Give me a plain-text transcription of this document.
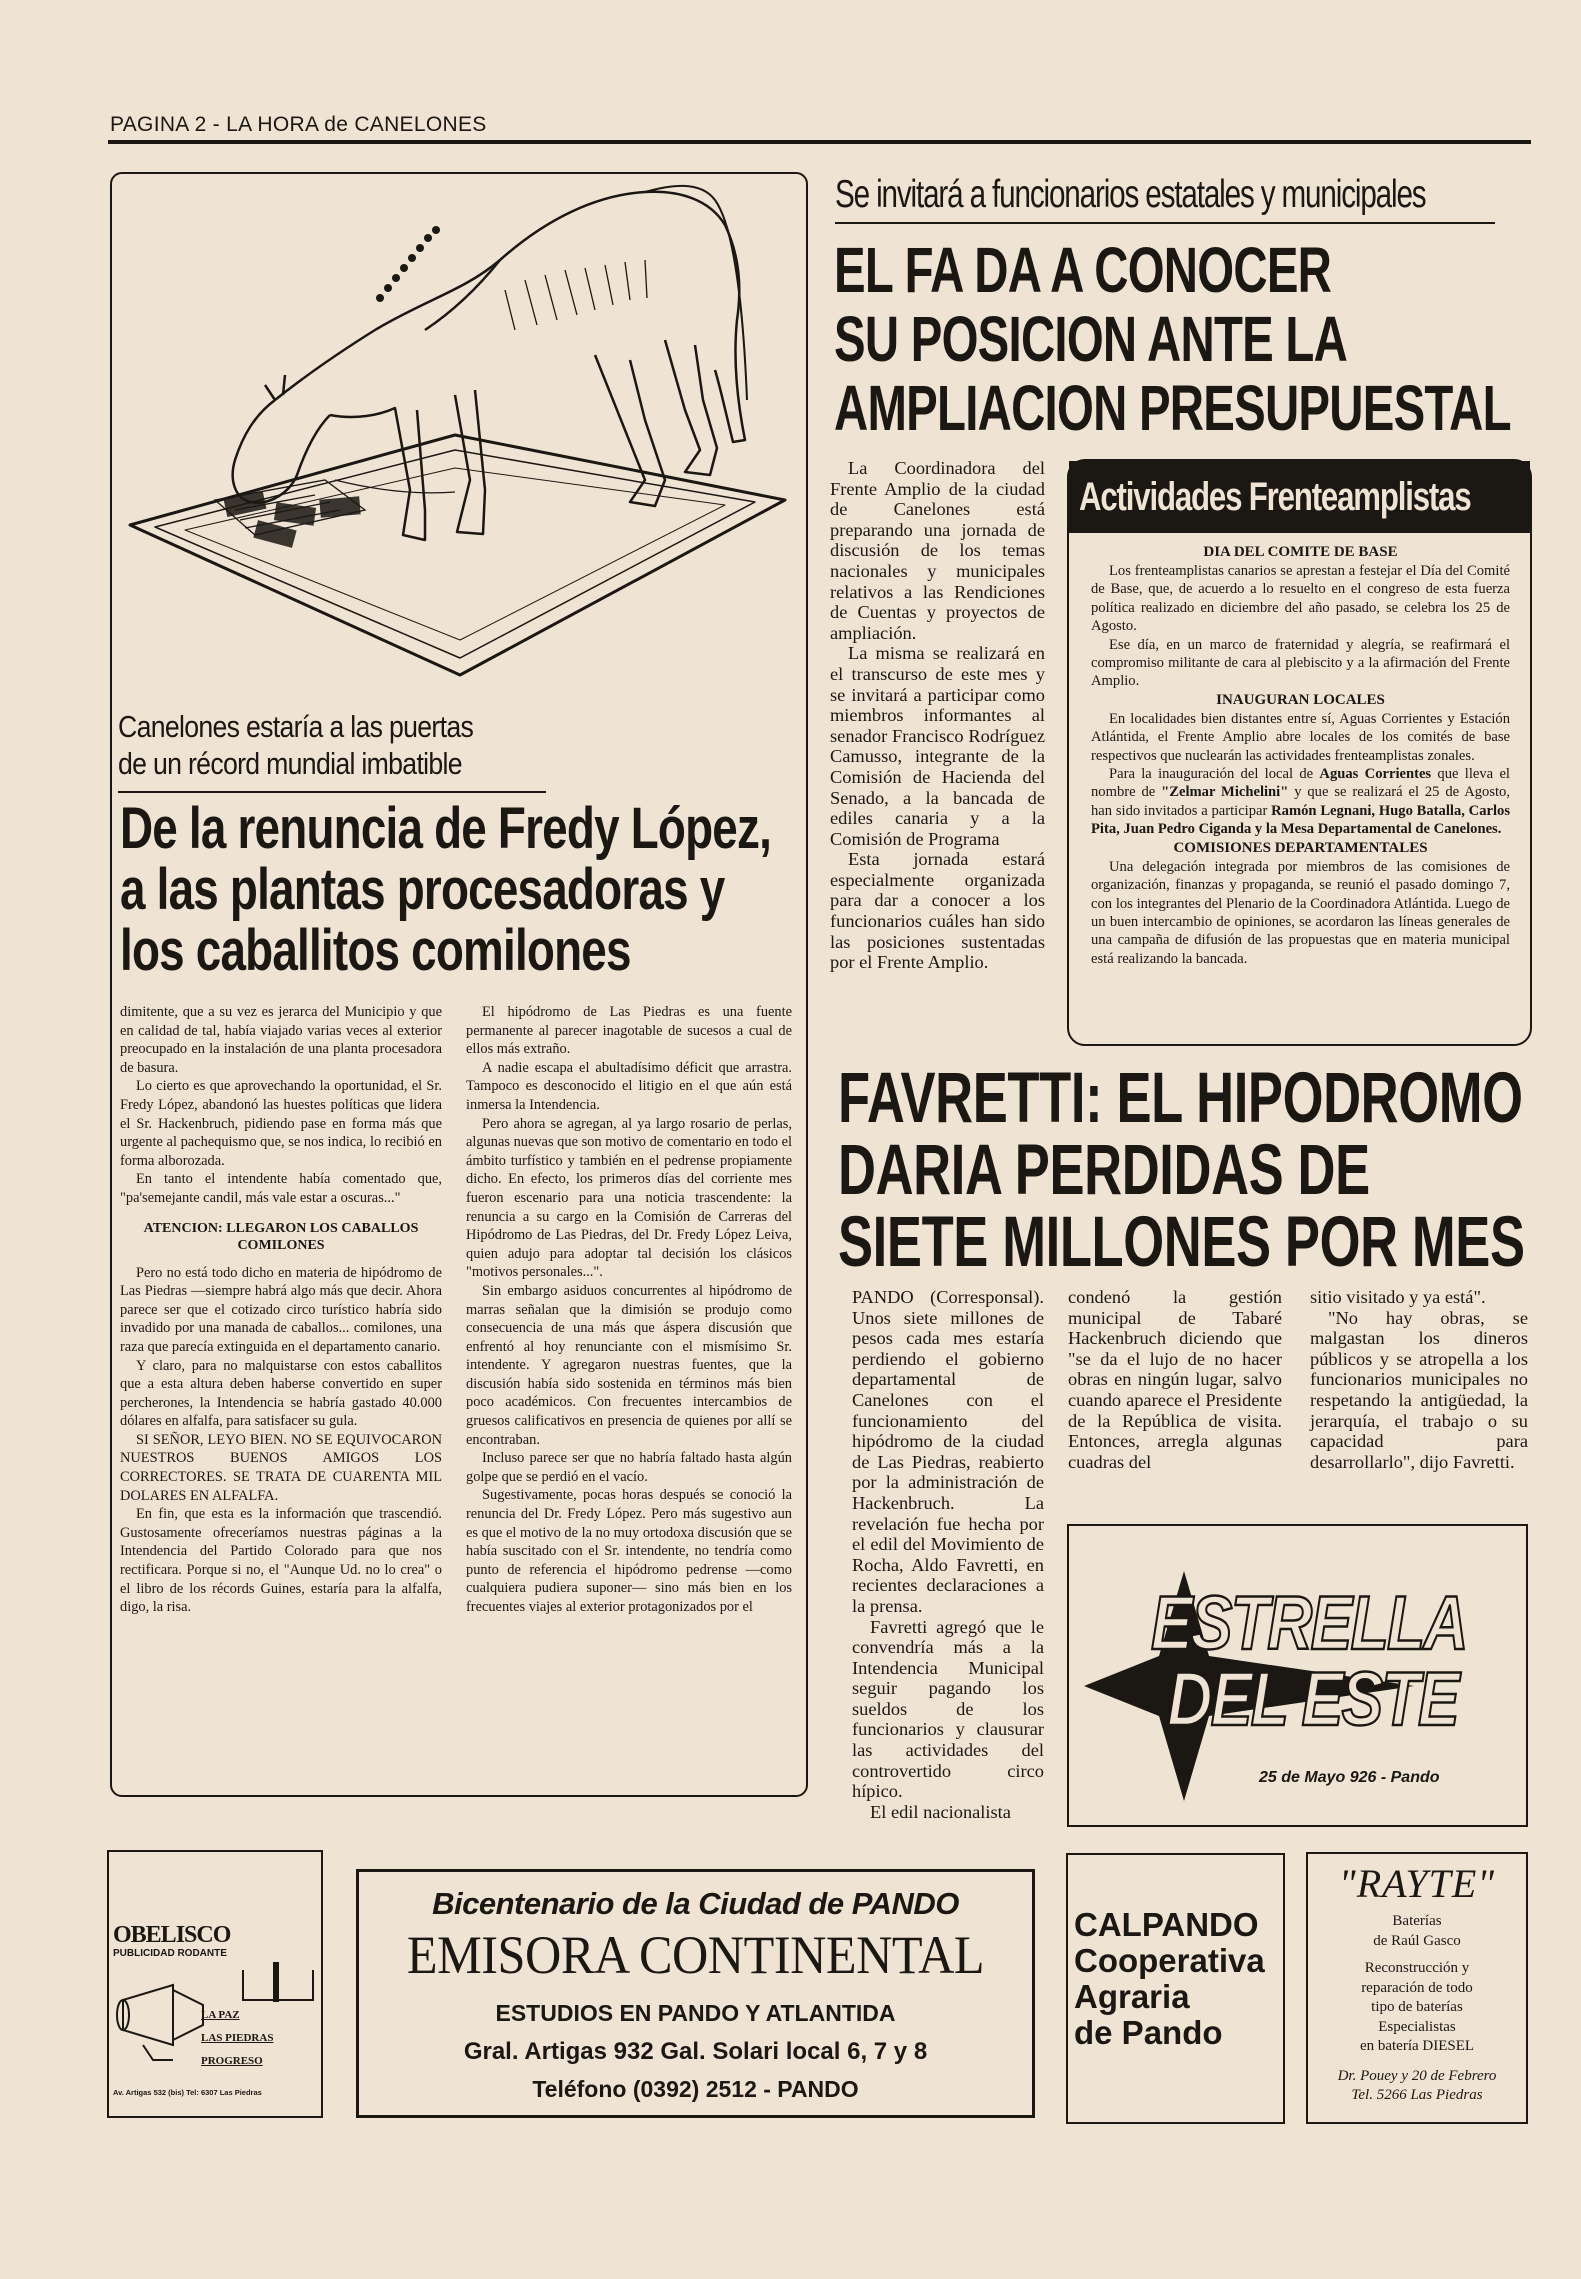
PAGINA 2 - LA HORA de CANELONES
Canelones estaría a las puertas
de un récord mundial imbatible
De la renuncia de Fredy López,
a las plantas procesadoras y
los caballitos comilones

dimitente, que a su vez es jerarca del Municipio y que en calidad de tal, había viajado varias veces al exterior preocupado en la instalación de una planta procesadora de basura.

Lo cierto es que aprovechando la oportunidad, el Sr. Fredy López, abandonó las huestes políticas que lidera el Sr. Hackenbruch, pidiendo pase en forma más que urgente al pachequismo que, se nos indica, lo recibió en forma alborozada.

En tanto el intendente había comentado que, "pa'semejante candil, más vale estar a oscuras..."

ATENCION: LLEGARON LOS CABALLOS COMILONES

Pero no está todo dicho en materia de hipódromo de Las Piedras —siempre habrá algo más que decir. Ahora parece ser que el cotizado circo turístico habría sido invadido por una manada de caballos... comilones, una raza que parecía extinguida en el departamento canario.

Y claro, para no malquistarse con estos caballitos que a esta altura deben haberse convertido en super percherones, la Intendencia se habría gastado 40.000 dólares en alfalfa, para satisfacer su gula.

SI SEÑOR, LEYO BIEN. NO SE EQUIVOCARON NUESTROS BUENOS AMIGOS LOS CORRECTORES. SE TRATA DE CUARENTA MIL DOLARES EN ALFALFA.

En fin, que esta es la información que trascendió. Gustosamente ofreceríamos nuestras páginas a la Intendencia del Partido Colorado para que nos rectificara. Porque si no, el "Aunque Ud. no lo crea" o el libro de los récords Guines, estaría para la alfalfa, digo, la risa.

El hipódromo de Las Piedras es una fuente permanente al parecer inagotable de sucesos a cual de ellos más extraño.

A nadie escapa el abultadísimo déficit que arrastra. Tampoco es desconocido el litigio en el que aún está inmersa la Intendencia.

Pero ahora se agregan, al ya largo rosario de perlas, algunas nuevas que son motivo de comentario en todo el ámbito turfístico y también en el pedrense propiamente dicho. En efecto, los primeros días del corriente mes fueron escenario para una noticia trascendente: la renuncia a su cargo en la Comisión de Carreras del Hipódromo de Las Piedras, del Dr. Fredy López Leiva, quien adujo para adoptar tal decisión los clásicos "motivos personales...".

Sin embargo asiduos concurrentes al hipódromo de marras señalan que la dimisión se produjo como consecuencia de una más que áspera discusión que enfrentó al hoy renunciante con el mismísimo Sr. intendente. Y agregaron nuestras fuentes, que la discusión había sido sostenida en términos más bien poco académicos. Con frecuentes intercambios de gruesos calificativos en presencia de quienes por allí se encontraban.

Incluso parece ser que no habría faltado hasta algún golpe que se perdió en el vacío.

Sugestivamente, pocas horas después se conoció la renuncia del Dr. Fredy López. Pero más sugestivo aun es que el motivo de la no muy ortodoxa discusión que se había suscitado con el Sr. intendente, no tendría como punto de referencia el hipódromo pedrense —como cualquiera pudiera suponer— sino más bien en los frecuentes viajes al exterior protagonizados por el

Se invitará a funcionarios estatales y municipales
EL FA DA A CONOCER
SU POSICION ANTE LA
AMPLIACION PRESUPUESTAL

La Coordinadora del Frente Amplio de la ciudad de Canelones está preparando una jornada de discusión de los temas nacionales y municipales relativos a las Rendiciones de Cuentas y proyectos de ampliación.

La misma se realizará en el transcurso de este mes y se invitará a participar como miembros informantes al senador Francisco Rodríguez Camusso, integrante de la Comisión de Hacienda del Senado, a la bancada de ediles canaria y a la Comisión de Programa

Esta jornada estará especialmente organizada para dar a conocer a los funcionarios cuáles han sido las posiciones sustentadas por el Frente Amplio.

Actividades Frenteamplistas
DIA DEL COMITE DE BASE

Los frenteamplistas canarios se aprestan a festejar el Día del Comité de Base, que, de acuerdo a lo resuelto en el congreso de esta fuerza política realizado en diciembre del año pasado, se celebra los 25 de Agosto.

Ese día, en un marco de fraternidad y alegría, se reafirmará el compromiso militante de cara al plebiscito y a la afirmación del Frente Amplio.

INAUGURAN LOCALES

En localidades bien distantes entre sí, Aguas Corrientes y Estación Atlántida, el Frente Amplio abre locales de los comités de base respectivos que nuclearán las actividades frenteamplistas zonales.

Para la inauguración del local de Aguas Corrientes que lleva el nombre de "Zelmar Michelini" y que se realizará el 25 de Agosto, han sido invitados a participar Ramón Legnani, Hugo Batalla, Carlos Pita, Juan Pedro Ciganda y la Mesa Departamental de Canelones.

COMISIONES DEPARTAMENTALES

Una delegación integrada por miembros de las comisiones de organización, finanzas y propaganda, se reunió el pasado domingo 7, con los integrantes del Plenario de la Coordinadora Atlántida. Luego de un buen intercambio de opiniones, se acordaron las líneas generales de una campaña de difusión de las propuestas que en materia municipal está realizando la bancada.

FAVRETTI: EL HIPODROMO
DARIA PERDIDAS DE
SIETE MILLONES POR MES

PANDO (Corresponsal). Unos siete millones de pesos cada mes estaría perdiendo el gobierno departamental de Canelones con el funcionamiento del hipódromo de la ciudad de Las Piedras, reabierto por la administración de Hackenbruch. La revelación fue hecha por el edil del Movimiento de Rocha, Aldo Favretti, en recientes declaraciones a la prensa.

Favretti agregó que le convendría más a la Intendencia Municipal seguir pagando los sueldos de los funcionarios y clausurar las actividades del controvertido circo hípico.

El edil nacionalista

condenó la gestión municipal de Tabaré Hackenbruch diciendo que "se da el lujo de no hacer obras en ningún lugar, salvo cuando aparece el Presidente de la República de visita. Entonces, arregla algunas cuadras del

sitio visitado y ya está".

"No hay obras, se malgastan los dineros públicos y se atropella a los funcionarios municipales no respetando la antigüedad, la jerarquía, el trabajo o su capacidad para desarrollarlo", dijo Favretti.

ESTRELLA
DEL ESTE
25 de Mayo 926 - Pando
OBELISCO
PUBLICIDAD RODANTE
LA PAZ
LAS PIEDRAS
PROGRESO
Av. Artigas 532 (bis) Tel: 6307 Las Piedras
Bicentenario de la Ciudad de PANDO
EMISORA CONTINENTAL
ESTUDIOS EN PANDO Y ATLANTIDA
Gral. Artigas 932 Gal. Solari local 6, 7 y 8
Teléfono (0392) 2512 - PANDO
CALPANDO
Cooperativa
Agraria
de Pando
"RAYTE"
Baterías
de Raúl Gasco
Reconstrucción y
reparación de todo
tipo de baterías
Especialistas
en batería DIESEL
Dr. Pouey y 20 de Febrero
Tel. 5266 Las Piedras
